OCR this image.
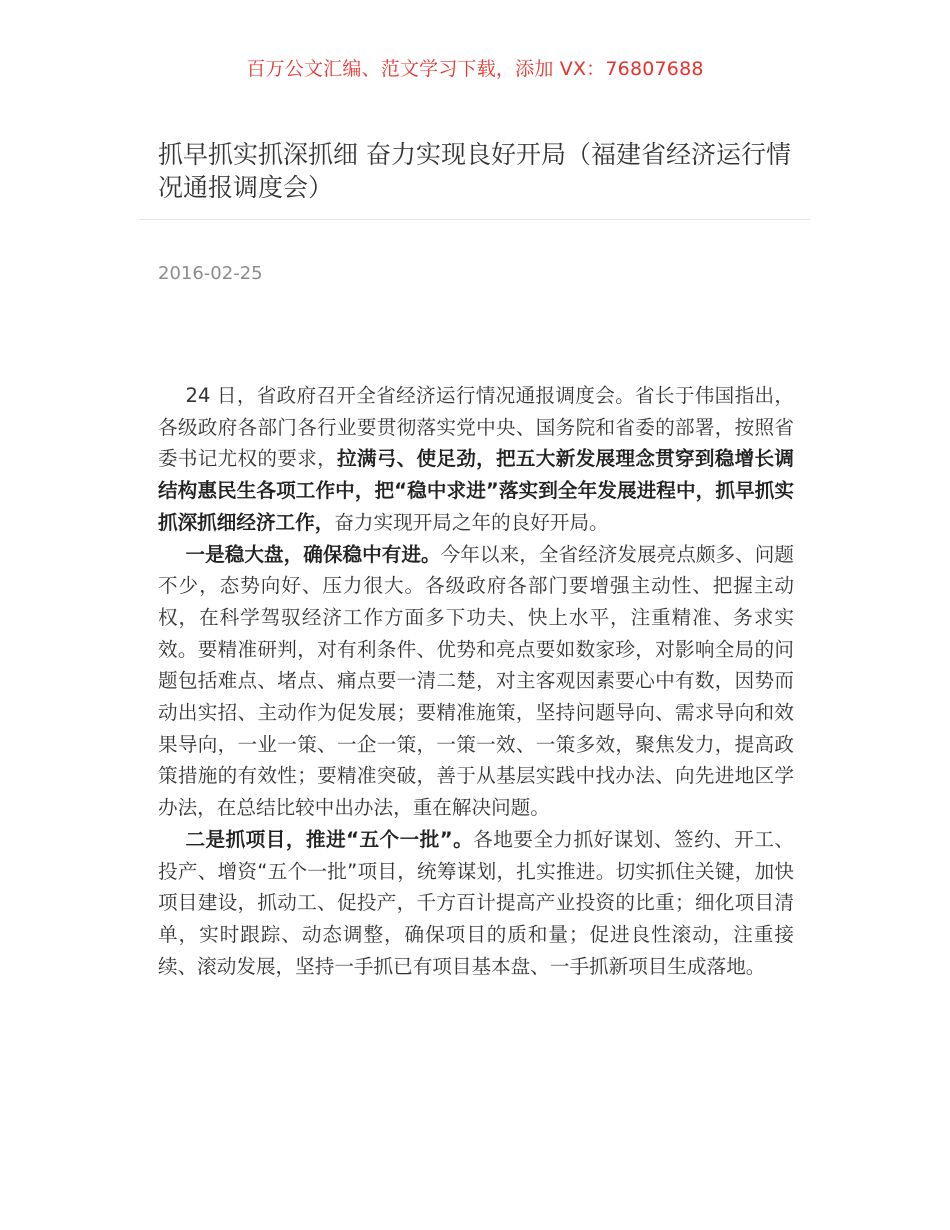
百万公文汇编、范文学习下载，添加 VX：76807688
抓早抓实抓深抓细 奋力实现良好开局（福建省经济运行情况通报调度会）
2016-02-25

24 日，省政府召开全省经济运行情况通报调度会。省长于伟国指出，各级政府各部门各行业要贯彻落实党中央、国务院和省委的部署，按照省委书记尤权的要求，拉满弓、使足劲，把五大新发展理念贯穿到稳增长调结构惠民生各项工作中，把“稳中求进”落实到全年发展进程中，抓早抓实抓深抓细经济工作，奋力实现开局之年的良好开局。

一是稳大盘，确保稳中有进。今年以来，全省经济发展亮点颇多、问题不少，态势向好、压力很大。各级政府各部门要增强主动性、把握主动权，在科学驾驭经济工作方面多下功夫、快上水平，注重精准、务求实效。要精准研判，对有利条件、优势和亮点要如数家珍，对影响全局的问题包括难点、堵点、痛点要一清二楚，对主客观因素要心中有数，因势而动出实招、主动作为促发展；要精准施策，坚持问题导向、需求导向和效果导向，一业一策、一企一策，一策一效、一策多效，聚焦发力，提高政策措施的有效性；要精准突破，善于从基层实践中找办法、向先进地区学办法，在总结比较中出办法，重在解决问题。

二是抓项目，推进“五个一批”。各地要全力抓好谋划、签约、开工、投产、增资“五个一批”项目，统筹谋划，扎实推进。切实抓住关键，加快项目建设，抓动工、促投产，千方百计提高产业投资的比重；细化项目清单，实时跟踪、动态调整，确保项目的质和量；促进良性滚动，注重接续、滚动发展，坚持一手抓已有项目基本盘、一手抓新项目生成落地。
